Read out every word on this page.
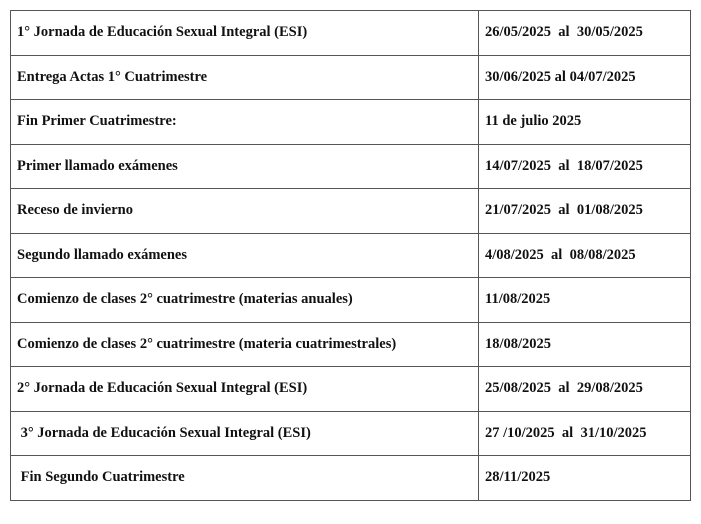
1° Jornada de Educación Sexual Integral (ESI)	26/05/2025  al  30/05/2025
Entrega Actas 1° Cuatrimestre	30/06/2025 al 04/07/2025
Fin Primer Cuatrimestre:	11 de julio 2025
Primer llamado exámenes	14/07/2025  al  18/07/2025
Receso de invierno	21/07/2025  al  01/08/2025
Segundo llamado exámenes	4/08/2025  al  08/08/2025
Comienzo de clases 2° cuatrimestre (materias anuales)	11/08/2025
Comienzo de clases 2° cuatrimestre (materia cuatrimestrales)	18/08/2025
2° Jornada de Educación Sexual Integral (ESI)	25/08/2025  al  29/08/2025
3° Jornada de Educación Sexual Integral (ESI)	27 /10/2025  al  31/10/2025
Fin Segundo Cuatrimestre	28/11/2025
